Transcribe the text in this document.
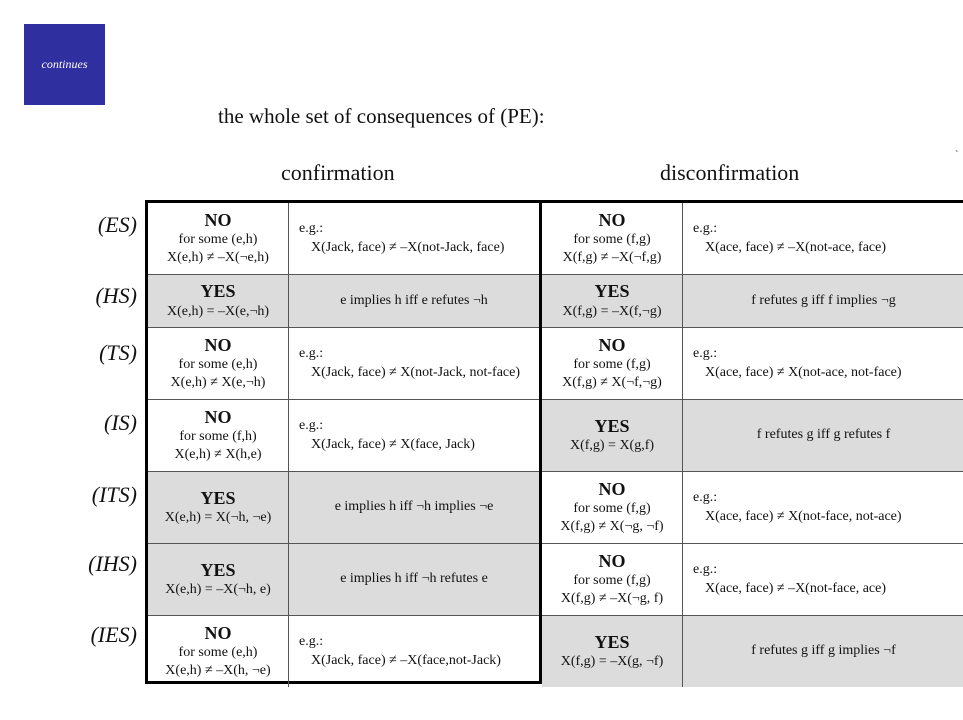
continues
the whole set of consequences of (PE):
confirmation	disconfirmation
`
(ES)
(HS)
(TS)
(IS)
(ITS)
(IHS)
(IES)
NO
for some (e,h)
X(e,h) ≠ –X(¬e,h)
e.g.:
X(Jack, face) ≠ –X(not-Jack, face)
YES
X(e,h) = –X(e,¬h)
e implies h iff e refutes ¬h
NO
for some (e,h)
X(e,h) ≠ X(e,¬h)
e.g.:
X(Jack, face) ≠ X(not-Jack, not-face)
NO
for some (f,h)
X(e,h) ≠ X(h,e)
e.g.:
X(Jack, face) ≠ X(face, Jack)
YES
X(e,h) = X(¬h, ¬e)
e implies h iff ¬h implies ¬e
YES
X(e,h) = –X(¬h, e)
e implies h iff ¬h refutes e
NO
for some (e,h)
X(e,h) ≠ –X(h, ¬e)
e.g.:
X(Jack, face) ≠ –X(face,not-Jack)
NO
for some (f,g)
X(f,g) ≠ –X(¬f,g)
e.g.:
X(ace, face) ≠ –X(not-ace, face)
YES
X(f,g) = –X(f,¬g)
f refutes g iff f implies ¬g
NO
for some (f,g)
X(f,g) ≠ X(¬f,¬g)
e.g.:
X(ace, face) ≠ X(not-ace, not-face)
YES
X(f,g) = X(g,f)
f refutes g iff g refutes f
NO
for some (f,g)
X(f,g) ≠ X(¬g, ¬f)
e.g.:
X(ace, face) ≠ X(not-face, not-ace)
NO
for some (f,g)
X(f,g) ≠ –X(¬g, f)
e.g.:
X(ace, face) ≠ –X(not-face, ace)
YES
X(f,g) = –X(g, ¬f)
f refutes g iff g implies ¬f
